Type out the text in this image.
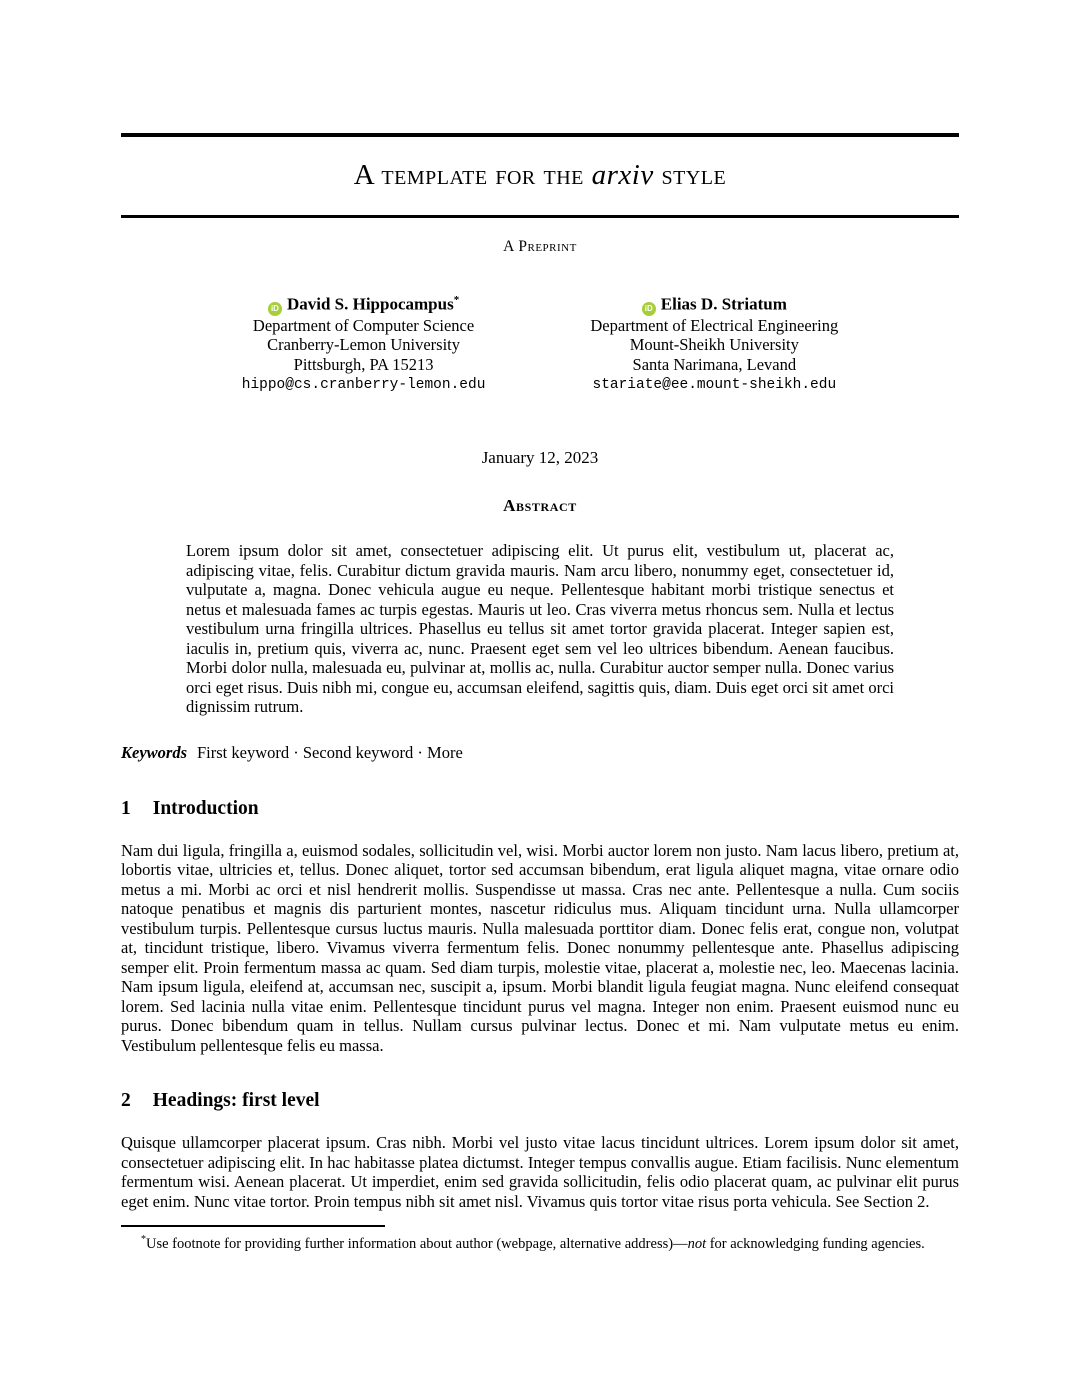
A template for the arxiv style
A Preprint
iD David S. Hippocampus*
Department of Computer Science
Cranberry-Lemon University
Pittsburgh, PA 15213
hippo@cs.cranberry-lemon.edu
iD Elias D. Striatum
Department of Electrical Engineering
Mount-Sheikh University
Santa Narimana, Levand
stariate@ee.mount-sheikh.edu
January 12, 2023
Abstract
Lorem ipsum dolor sit amet, consectetuer adipiscing elit. Ut purus elit, vestibulum ut, placerat ac, adipiscing vitae, felis. Curabitur dictum gravida mauris. Nam arcu libero, nonummy eget, consectetuer id, vulputate a, magna. Donec vehicula augue eu neque. Pellentesque habitant morbi tristique senectus et netus et malesuada fames ac turpis egestas. Mauris ut leo. Cras viverra metus rhoncus sem. Nulla et lectus vestibulum urna fringilla ultrices. Phasellus eu tellus sit amet tortor gravida placerat. Integer sapien est, iaculis in, pretium quis, viverra ac, nunc. Praesent eget sem vel leo ultrices bibendum. Aenean faucibus. Morbi dolor nulla, malesuada eu, pulvinar at, mollis ac, nulla. Curabitur auctor semper nulla. Donec varius orci eget risus. Duis nibh mi, congue eu, accumsan eleifend, sagittis quis, diam. Duis eget orci sit amet orci dignissim rutrum.
Keywords First keyword · Second keyword · More
1 Introduction
Nam dui ligula, fringilla a, euismod sodales, sollicitudin vel, wisi. Morbi auctor lorem non justo. Nam lacus libero, pretium at, lobortis vitae, ultricies et, tellus. Donec aliquet, tortor sed accumsan bibendum, erat ligula aliquet magna, vitae ornare odio metus a mi. Morbi ac orci et nisl hendrerit mollis. Suspendisse ut massa. Cras nec ante. Pellentesque a nulla. Cum sociis natoque penatibus et magnis dis parturient montes, nascetur ridiculus mus. Aliquam tincidunt urna. Nulla ullamcorper vestibulum turpis. Pellentesque cursus luctus mauris. Nulla malesuada porttitor diam. Donec felis erat, congue non, volutpat at, tincidunt tristique, libero. Vivamus viverra fermentum felis. Donec nonummy pellentesque ante. Phasellus adipiscing semper elit. Proin fermentum massa ac quam. Sed diam turpis, molestie vitae, placerat a, molestie nec, leo. Maecenas lacinia. Nam ipsum ligula, eleifend at, accumsan nec, suscipit a, ipsum. Morbi blandit ligula feugiat magna. Nunc eleifend consequat lorem. Sed lacinia nulla vitae enim. Pellentesque tincidunt purus vel magna. Integer non enim. Praesent euismod nunc eu purus. Donec bibendum quam in tellus. Nullam cursus pulvinar lectus. Donec et mi. Nam vulputate metus eu enim. Vestibulum pellentesque felis eu massa.
2 Headings: first level
Quisque ullamcorper placerat ipsum. Cras nibh. Morbi vel justo vitae lacus tincidunt ultrices. Lorem ipsum dolor sit amet, consectetuer adipiscing elit. In hac habitasse platea dictumst. Integer tempus convallis augue. Etiam facilisis. Nunc elementum fermentum wisi. Aenean placerat. Ut imperdiet, enim sed gravida sollicitudin, felis odio placerat quam, ac pulvinar elit purus eget enim. Nunc vitae tortor. Proin tempus nibh sit amet nisl. Vivamus quis tortor vitae risus porta vehicula. See Section 2.
*Use footnote for providing further information about author (webpage, alternative address)—not for acknowledging funding agencies.
